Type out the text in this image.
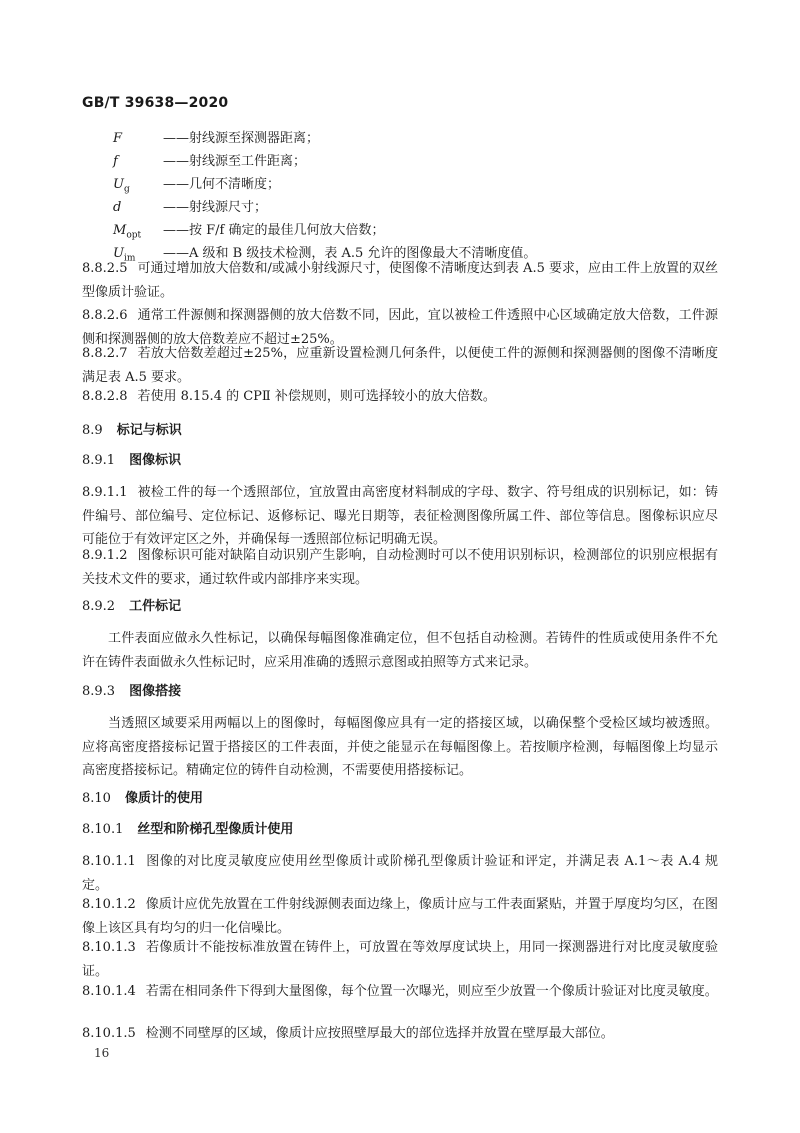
GB/T 39638—2020
F	——射线源至探测器距离；
f	——射线源至工件距离；
$U_g$	——几何不清晰度；
d	——射线源尺寸；
$M_{opt}$ ——按 F/f 确定的最佳几何放大倍数；
$U_{im}$ ——A 级和 B 级技术检测，表 A.5 允许的图像最大不清晰度值。
8.8.2.5 可通过增加放大倍数和/或减小射线源尺寸，使图像不清晰度达到表 A.5 要求，应由工件上放置的双丝型像质计验证。
8.8.2.6 通常工件源侧和探测器侧的放大倍数不同，因此，宜以被检工件透照中心区域确定放大倍数，工件源侧和探测器侧的放大倍数差应不超过±25%。
8.8.2.7 若放大倍数差超过±25%，应重新设置检测几何条件，以便使工件的源侧和探测器侧的图像不清晰度满足表 A.5 要求。
8.8.2.8 若使用 8.15.4 的 CPⅡ 补偿规则，则可选择较小的放大倍数。
8.9 标记与标识
8.9.1 图像标识
8.9.1.1 被检工件的每一个透照部位，宜放置由高密度材料制成的字母、数字、符号组成的识别标记，如：铸件编号、部位编号、定位标记、返修标记、曝光日期等，表征检测图像所属工件、部位等信息。图像标识应尽可能位于有效评定区之外，并确保每一透照部位标记明确无误。
8.9.1.2 图像标识可能对缺陷自动识别产生影响，自动检测时可以不使用识别标识，检测部位的识别应根据有关技术文件的要求，通过软件或内部排序来实现。
8.9.2 工件标记
工件表面应做永久性标记，以确保每幅图像准确定位，但不包括自动检测。若铸件的性质或使用条件不允许在铸件表面做永久性标记时，应采用准确的透照示意图或拍照等方式来记录。
8.9.3 图像搭接
当透照区域要采用两幅以上的图像时，每幅图像应具有一定的搭接区域，以确保整个受检区域均被透照。应将高密度搭接标记置于搭接区的工件表面，并使之能显示在每幅图像上。若按顺序检测，每幅图像上均显示高密度搭接标记。精确定位的铸件自动检测，不需要使用搭接标记。
8.10 像质计的使用
8.10.1 丝型和阶梯孔型像质计使用
8.10.1.1 图像的对比度灵敏度应使用丝型像质计或阶梯孔型像质计验证和评定，并满足表 A.1～表 A.4 规定。
8.10.1.2 像质计应优先放置在工件射线源侧表面边缘上，像质计应与工件表面紧贴，并置于厚度均匀区，在图像上该区具有均匀的归一化信噪比。
8.10.1.3 若像质计不能按标准放置在铸件上，可放置在等效厚度试块上，用同一探测器进行对比度灵敏度验证。
8.10.1.4 若需在相同条件下得到大量图像，每个位置一次曝光，则应至少放置一个像质计验证对比度灵敏度。
8.10.1.5 检测不同壁厚的区域，像质计应按照壁厚最大的部位选择并放置在壁厚最大部位。
16
